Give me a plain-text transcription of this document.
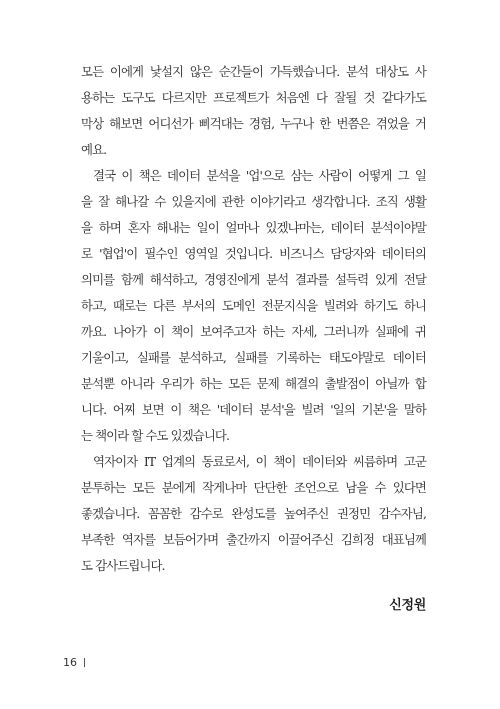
모든 이에게 낯설지 않은 순간들이 가득했습니다. 분석 대상도 사
용하는 도구도 다르지만 프로젝트가 처음엔 다 잘될 것 같다가도
막상 해보면 어디선가 삐걱대는 경험, 누구나 한 번쯤은 겪었을 거
예요.
결국 이 책은 데이터 분석을 '업'으로 삼는 사람이 어떻게 그 일
을 잘 해나갈 수 있을지에 관한 이야기라고 생각합니다. 조직 생활
을 하며 혼자 해내는 일이 얼마나 있겠냐마는, 데이터 분석이야말
로 '협업'이 필수인 영역일 것입니다. 비즈니스 담당자와 데이터의
의미를 함께 해석하고, 경영진에게 분석 결과를 설득력 있게 전달
하고, 때로는 다른 부서의 도메인 전문지식을 빌려와 하기도 하니
까요. 나아가 이 책이 보여주고자 하는 자세, 그러니까 실패에 귀
기울이고, 실패를 분석하고, 실패를 기록하는 태도야말로 데이터
분석뿐 아니라 우리가 하는 모든 문제 해결의 출발점이 아닐까 합
니다. 어찌 보면 이 책은 '데이터 분석'을 빌려 '일의 기본'을 말하
는 책이라 할 수도 있겠습니다.
역자이자 IT 업계의 동료로서, 이 책이 데이터와 씨름하며 고군
분투하는 모든 분에게 작게나마 단단한 조언으로 남을 수 있다면
좋겠습니다. 꼼꼼한 감수로 완성도를 높여주신 권정민 감수자님,
부족한 역자를 보듬어가며 출간까지 이끌어주신 김희정 대표님께
도 감사드립니다.
신정원
16
